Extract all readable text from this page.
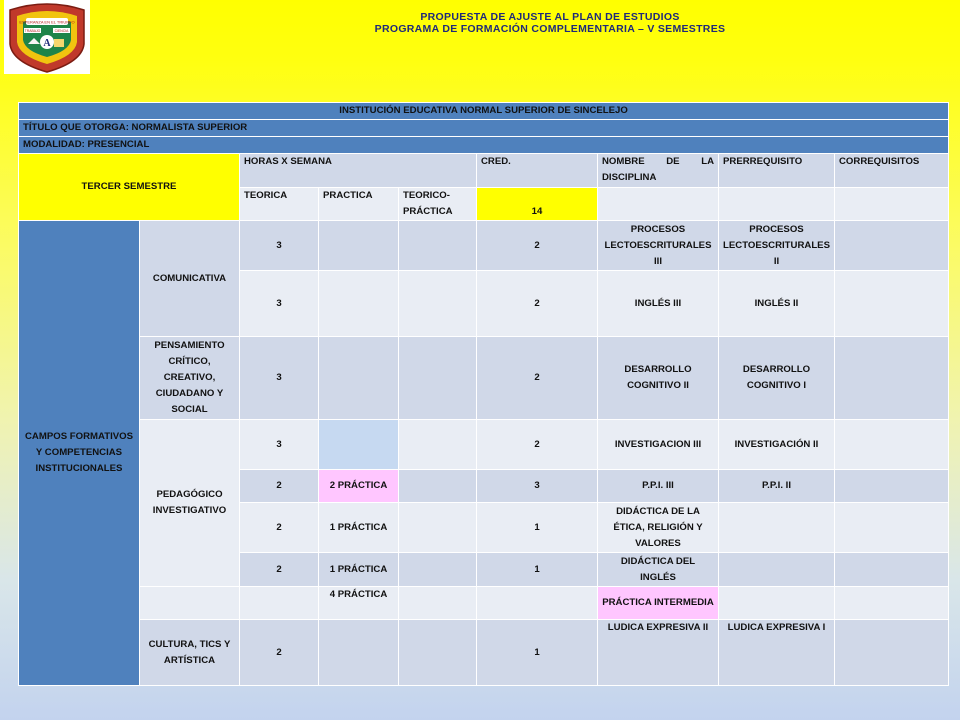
ESPERANZA EN EL TRIUNFO
TRABAJO	CIENCIA
A
PROPUESTA DE AJUSTE AL PLAN DE ESTUDIOS
PROGRAMA DE FORMACIÓN COMPLEMENTARIA – V SEMESTRES
INSTITUCIÓN EDUCATIVA NORMAL SUPERIOR DE SINCELEJO								
TÍTULO QUE OTORGA: NORMALISTA SUPERIOR								
MODALIDAD: PRESENCIAL								
TERCER SEMESTRE		HORAS X SEMANA			CRED.	NOMBRE DE LA DISCIPLINA	PRERREQUISITO	CORREQUISITOS
		TEORICA	PRACTICA	TEORICO-PRÁCTICA	14			
CAMPOS FORMATIVOS Y COMPETENCIAS INSTITUCIONALES	COMUNICATIVA	3			2	PROCESOS LECTOESCRITURALES III	PROCESOS LECTOESCRITURALES II	
		3			2	INGLÉS III	INGLÉS II	
	PENSAMIENTO CRÍTICO, CREATIVO, CIUDADANO Y SOCIAL	3			2	DESARROLLO COGNITIVO II	DESARROLLO COGNITIVO I	
	PEDAGÓGICO INVESTIGATIVO	3			2	INVESTIGACION III	INVESTIGACIÓN II	
		2	2 PRÁCTICA		3	P.P.I. III	P.P.I. II	
		2	1 PRÁCTICA		1	DIDÁCTICA DE LA ÉTICA, RELIGIÓN Y VALORES		
		2	1 PRÁCTICA		1	DIDÁCTICA DEL INGLÉS		
			4 PRÁCTICA			PRÁCTICA INTERMEDIA		
	CULTURA, TICS Y ARTÍSTICA	2			1	LUDICA EXPRESIVA II	LUDICA EXPRESIVA I	
